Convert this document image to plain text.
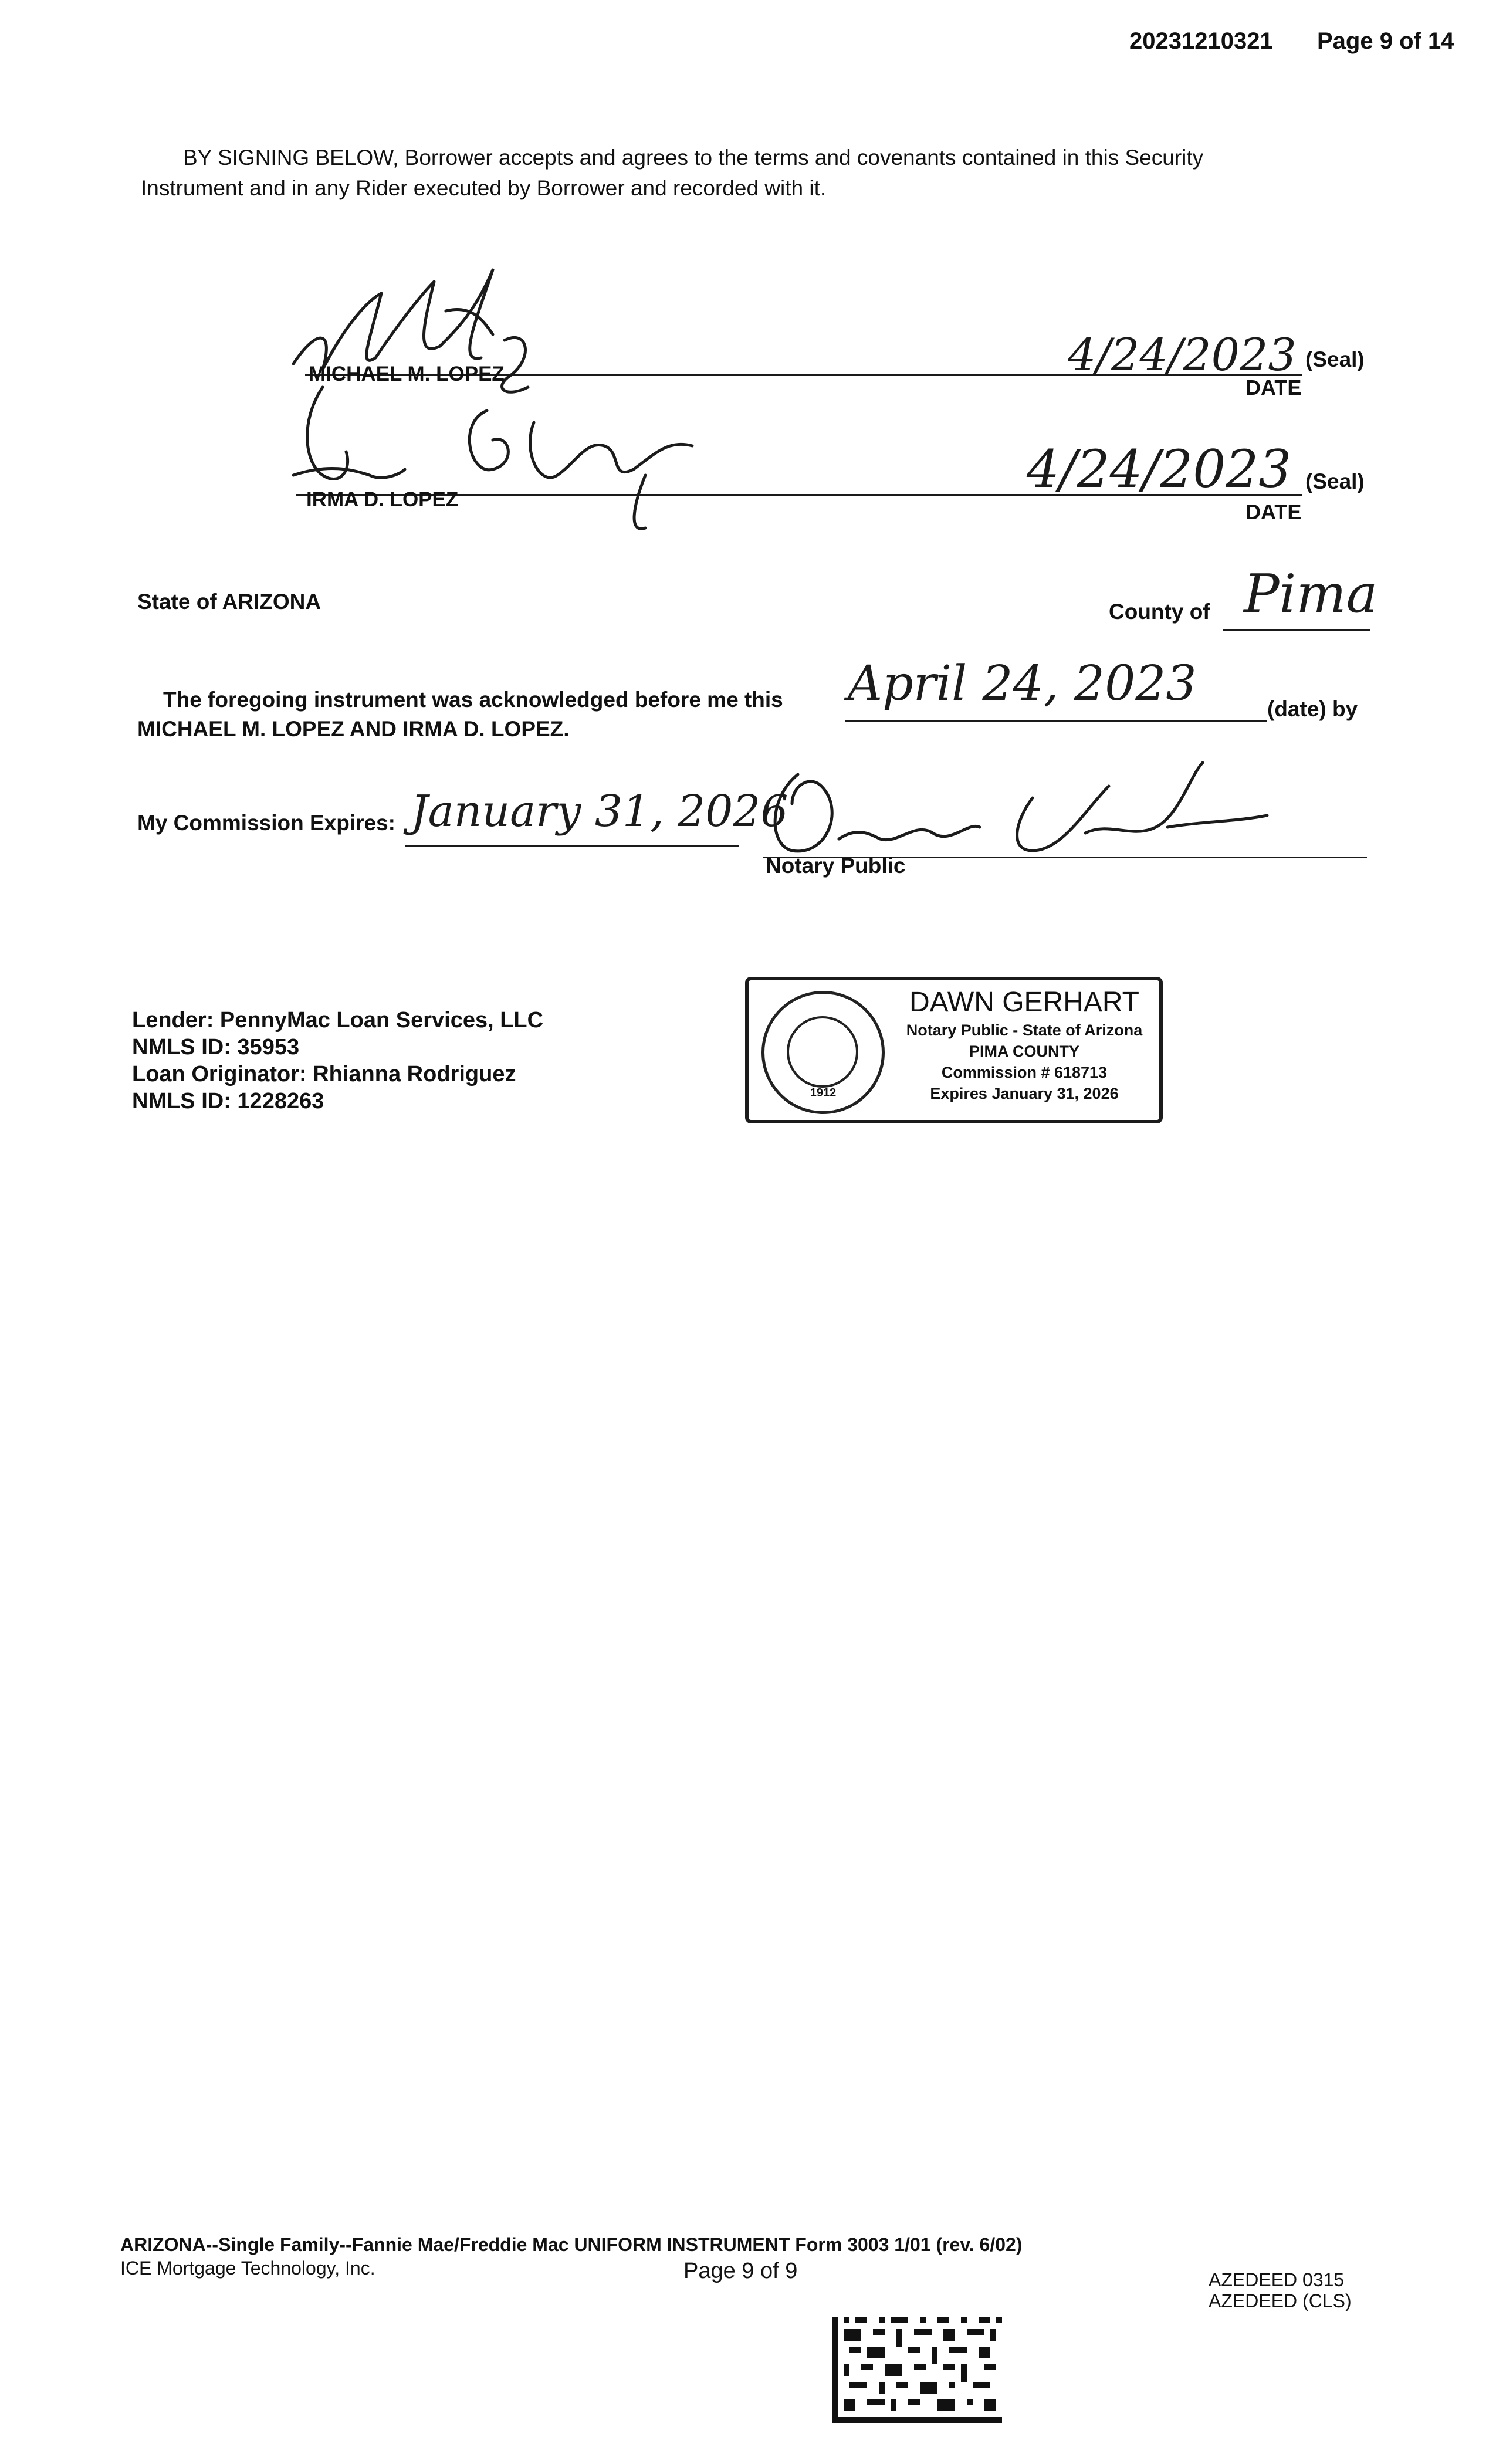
20231210321 Page 9 of 14
BY SIGNING BELOW, Borrower accepts and agrees to the terms and covenants contained in this Security
Instrument and in any Rider executed by Borrower and recorded with it.
MICHAEL M. LOPEZ	4/24/2023 (Seal)
DATE
IRMA D. LOPEZ
4/24/2023 (Seal)
DATE
State of ARIZONA	County of Pima
The foregoing instrument was acknowledged before me this April 24, 2023	(date) by
MICHAEL M. LOPEZ AND IRMA D. LOPEZ.
My Commission Expires: January 31, 2026
Notary Public
Lender: PennyMac Loan Services, LLC
NMLS ID: 35953
Loan Originator: Rhianna Rodriguez
NMLS ID: 1228263	1912
DAWN GERHART
Notary Public - State of Arizona
PIMA COUNTY
Commission # 618713
Expires January 31, 2026
ARIZONA--Single Family--Fannie Mae/Freddie Mac UNIFORM INSTRUMENT Form 3003 1/01 (rev. 6/02)
ICE Mortgage Technology, Inc.	Page 9 of 9	AZEDEED 0315
AZEDEED (CLS)
